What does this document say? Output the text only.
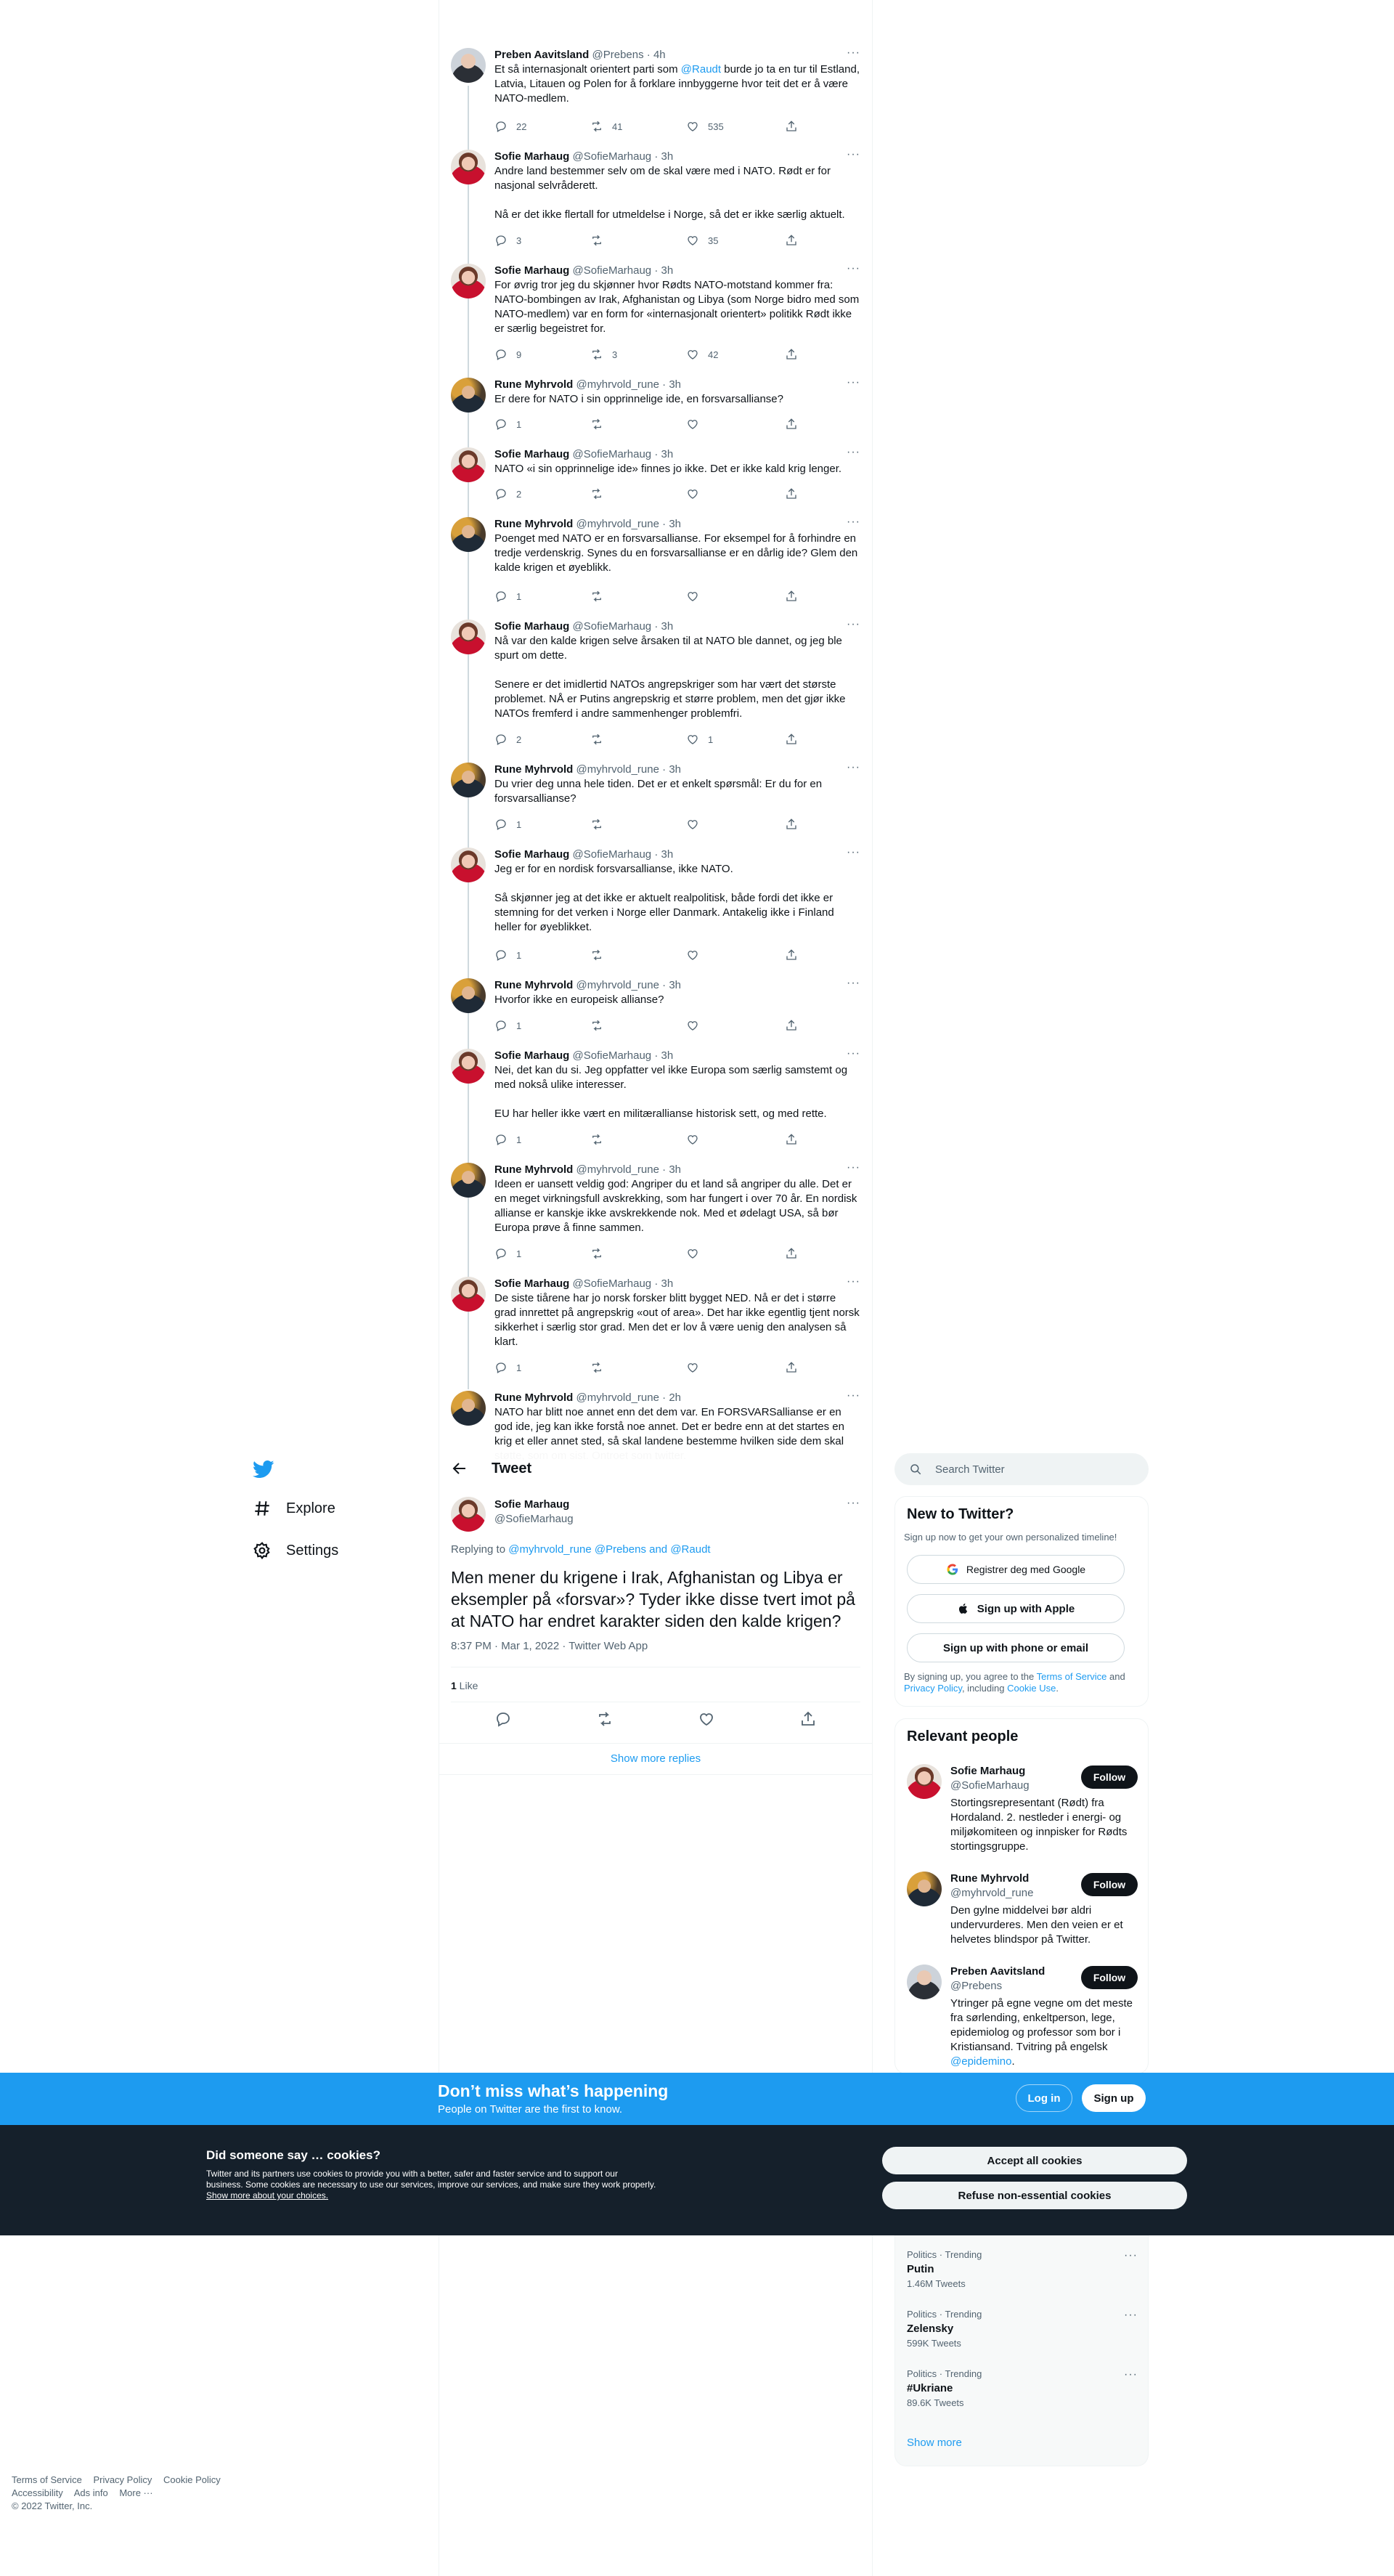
Explore
Settings
Preben Aavitsland @Prebens · 4h
Et så internasjonalt orientert parti som @Raudt burde jo ta en tur til Estland, Latvia, Litauen og Polen for å forklare innbyggerne hvor teit det er å være NATO-medlem.
···
22	41	535
Sofie Marhaug @SofieMarhaug · 3h
Andre land bestemmer selv om de skal være med i NATO. Rødt er for nasjonal selvråderett.

Nå er det ikke flertall for utmeldelse i Norge, så det er ikke særlig aktuelt.
···
3	35
Sofie Marhaug @SofieMarhaug · 3h
For øvrig tror jeg du skjønner hvor Rødts NATO-motstand kommer fra: NATO-bombingen av Irak, Afghanistan og Libya (som Norge bidro med som NATO-medlem) var en form for «internasjonalt orientert» politikk Rødt ikke er særlig begeistret for.
···
9	3	42
Rune Myhrvold @myhrvold_rune · 3h
Er dere for NATO i sin opprinnelige ide, en forsvarsallianse?
···
1
Sofie Marhaug @SofieMarhaug · 3h
NATO «i sin opprinnelige ide» finnes jo ikke. Det er ikke kald krig lenger.
···
2
Rune Myhrvold @myhrvold_rune · 3h
Poenget med NATO er en forsvarsallianse. For eksempel for å forhindre en tredje verdenskrig. Synes du en forsvarsallianse er en dårlig ide? Glem den kalde krigen et øyeblikk.
···
1
Sofie Marhaug @SofieMarhaug · 3h
Nå var den kalde krigen selve årsaken til at NATO ble dannet, og jeg ble spurt om dette.

Senere er det imidlertid NATOs angrepskriger som har vært det største problemet. NÅ er Putins angrepskrig et større problem, men det gjør ikke NATOs fremferd i andre sammenhenger problemfri.
···
2	1
Rune Myhrvold @myhrvold_rune · 3h
Du vrier deg unna hele tiden. Det er et enkelt spørsmål: Er du for en forsvarsallianse?
···
1
Sofie Marhaug @SofieMarhaug · 3h
Jeg er for en nordisk forsvarsallianse, ikke NATO.

Så skjønner jeg at det ikke er aktuelt realpolitisk, både fordi det ikke er stemning for det verken i Norge eller Danmark. Antakelig ikke i Finland heller for øyeblikket.
···
1
Rune Myhrvold @myhrvold_rune · 3h
Hvorfor ikke en europeisk allianse?
···
1
Sofie Marhaug @SofieMarhaug · 3h
Nei, det kan du si. Jeg oppfatter vel ikke Europa som særlig samstemt og med nokså ulike interesser.

EU har heller ikke vært en militærallianse historisk sett, og med rette.
···
1
Rune Myhrvold @myhrvold_rune · 3h
Ideen er uansett veldig god: Angriper du et land så angriper du alle. Det er en meget virkningsfull avskrekking, som har fungert i over 70 år. En nordisk allianse er kanskje ikke avskrekkende nok. Med et ødelagt USA, så bør Europa prøve å finne sammen.
···
1
Sofie Marhaug @SofieMarhaug · 3h
De siste tiårene har jo norsk forsker blitt bygget NED. Nå er det i større grad innrettet på angrepskrig «out of area». Det har ikke egentlig tjent norsk sikkerhet i særlig stor grad. Men det er lov å være uenig den analysen så klart.
···
1
Rune Myhrvold @myhrvold_rune · 2h
NATO har blitt noe annet enn det dem var. En FORSVARSallianse er en god ide, jeg kan ikke forstå noe annet. Det er bedre enn at det startes en krig et eller annet sted, så skal landene bestemme hvilken side dem skal
···
Tweet
Sofie Marhaug
@SofieMarhaug
···
Replying to @myhrvold_rune @Prebens and @Raudt
Men mener du krigene i Irak, Afghanistan og Libya er eksempler på «forsvar»? Tyder ikke disse tvert imot på at NATO har endret karakter siden den kalde krigen?
8:37 PM · Mar 1, 2022 · Twitter Web App
1 Like
Show more replies
Search Twitter
New to Twitter?
Sign up now to get your own personalized timeline!
Registrer deg med Google
Sign up with Apple
Sign up with phone or email
By signing up, you agree to the Terms of Service and Privacy Policy, including Cookie Use.
Relevant people
Sofie Marhaug
@SofieMarhaug
Follow
Stortingsrepresentant (Rødt) fra Hordaland. 2. nestleder i energi- og miljøkomiteen og innpisker for Rødts stortingsgruppe.
Rune Myhrvold
@myhrvold_rune
Follow
Den gylne middelvei bør aldri undervurderes. Men den veien er et helvetes blindspor på Twitter.
Preben Aavitsland
@Prebens
Follow
Ytringer på egne vegne om det meste fra sørlending, enkeltperson, lege, epidemiolog og professor som bor i Kristiansand. Tvitring på engelsk @epidemino.
Politics · Trending
Putin
1.46M Tweets
···
Politics · Trending
Zelensky
599K Tweets
···
Politics · Trending
#Ukriane
89.6K Tweets
···
Show more
Terms of Service Privacy Policy Cookie Policy
Accessibility Ads info More ···
© 2022 Twitter, Inc.
Don’t miss what’s happening
People on Twitter are the first to know.
Log in	Sign up
Did someone say … cookies?
Twitter and its partners use cookies to provide you with a better, safer and faster service and to support our business. Some cookies are necessary to use our services, improve our services, and make sure they work properly. Show more about your choices.
Accept all cookies
Refuse non-essential cookies
